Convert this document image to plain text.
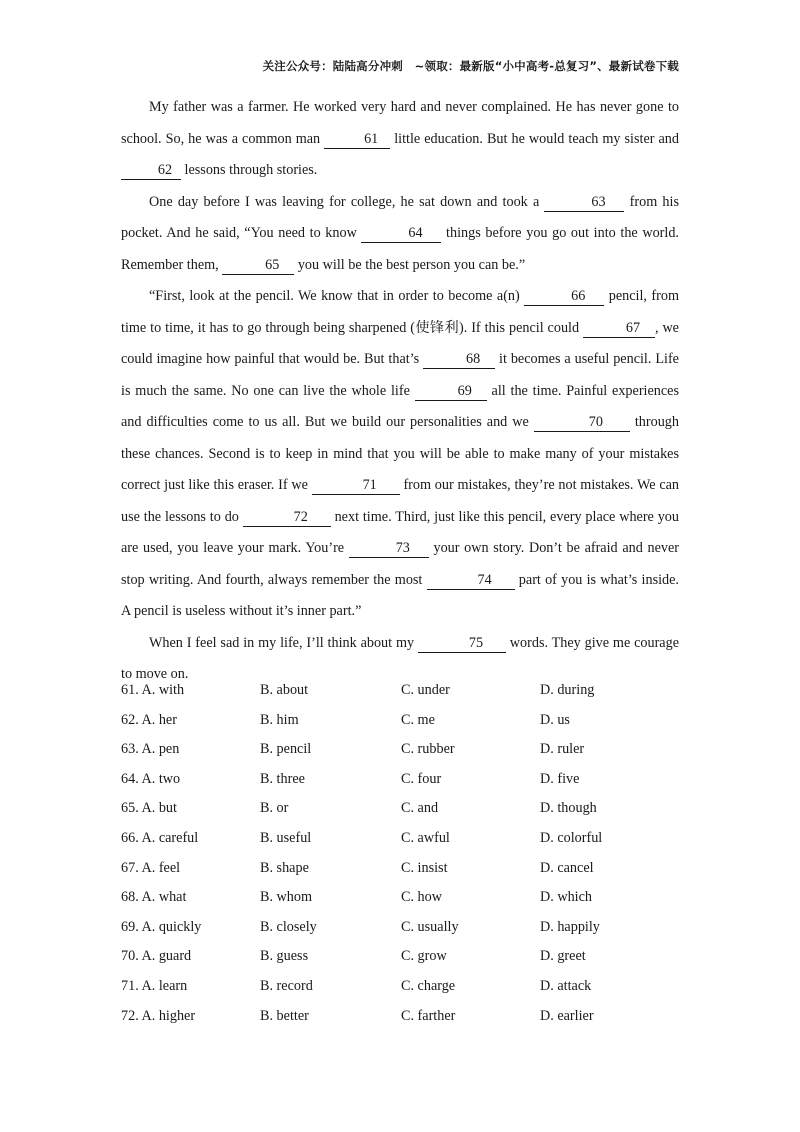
关注公众号：陆陆高分冲刺　~领取：最新版“小中高考-总复习”、最新试卷下载

My father was a farmer. He worked very hard and never complained. He has never gone to school. So, he was a common man	61 little education. But he would teach my sister and 62 lessons through stories.

One day before I was leaving for college, he sat down and took a	63 from his pocket. And he said, “You need to know	64 things before you go out into the world. Remember them,	65 you will be the best person you can be.”

“First, look at the pencil. We know that in order to become a(n)	66 pencil, from time to time, it has to go through being sharpened (使锋利). If this pencil could	67 , we could imagine how painful that would be. But that’s	68 it becomes a useful pencil. Life is much the same. No one can live the whole life	69 all the time. Painful experiences and difficulties come to us all. But we build our personalities and we	70 through these chances. Second is to keep in mind that you will be able to make many of your mistakes correct just like this eraser. If we	71 from our mistakes, they’re not mistakes. We can use the lessons to do	72 next time. Third, just like this pencil, every place where you are used, you leave your mark. You’re	73 your own story. Don’t be afraid and never stop writing. And fourth, always remember the most	74 part of you is what’s inside. A pencil is useless without it’s inner part.”

When I feel sad in my life, I’ll think about my	75 words. They give me courage to move on.

61. A. with	B. about	C. under	D. during
62. A. her	B. him	C. me	D. us
63. A. pen	B. pencil	C. rubber	D. ruler
64. A. two	B. three	C. four	D. five
65. A. but	B. or	C. and	D. though
66. A. careful	B. useful	C. awful	D. colorful
67. A. feel	B. shape	C. insist	D. cancel
68. A. what	B. whom	C. how	D. which
69. A. quickly	B. closely	C. usually	D. happily
70. A. guard	B. guess	C. grow	D. greet
71. A. learn	B. record	C. charge	D. attack
72. A. higher	B. better	C. farther	D. earlier
